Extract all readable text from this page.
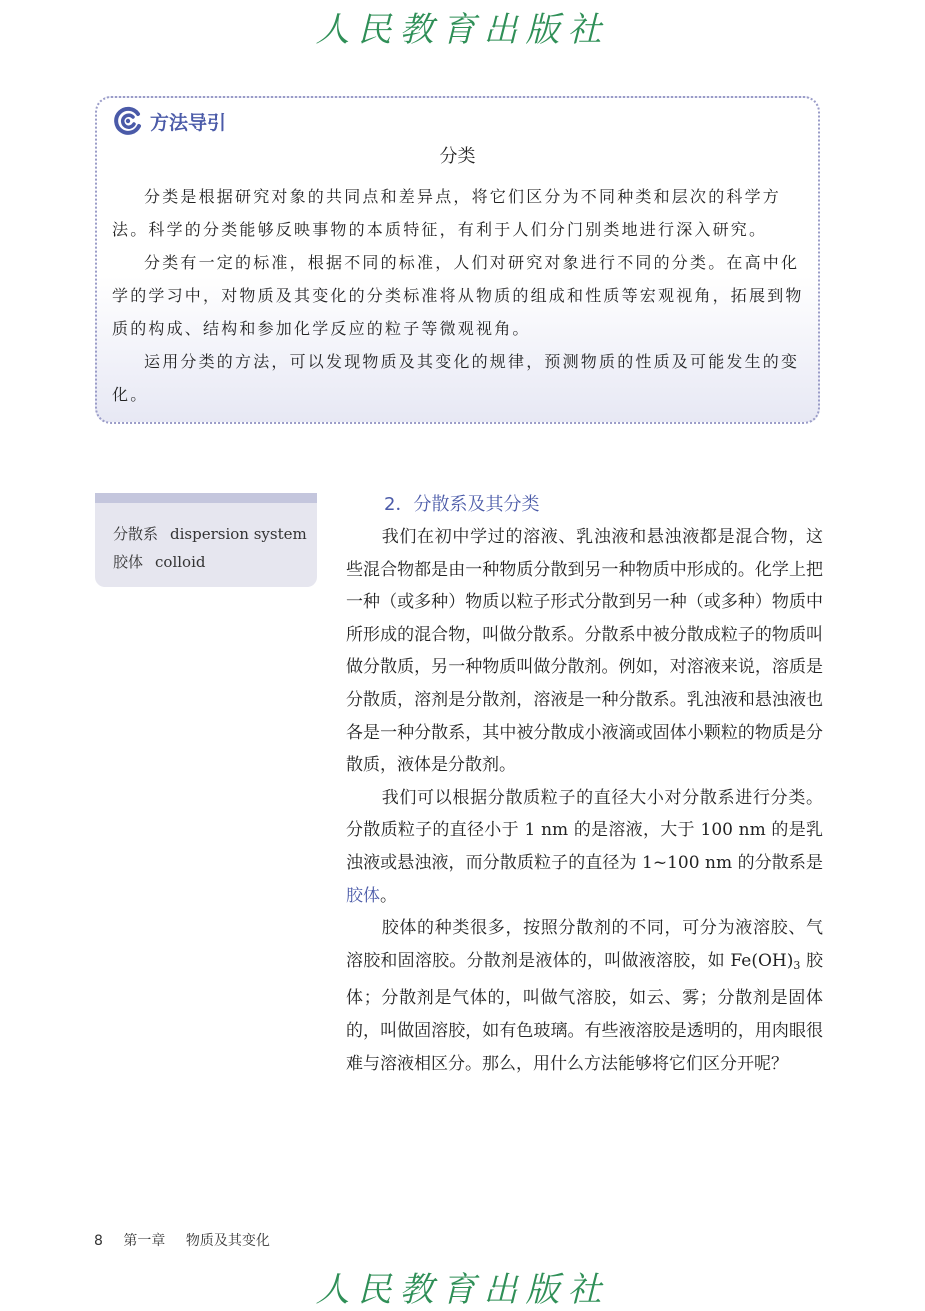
人民教育出版社
方法导引
分类

分类是根据研究对象的共同点和差异点，将它们区分为不同种类和层次的科学方法。科学的分类能够反映事物的本质特征，有利于人们分门别类地进行深入研究。

分类有一定的标准，根据不同的标准，人们对研究对象进行不同的分类。在高中化学的学习中，对物质及其变化的分类标准将从物质的组成和性质等宏观视角，拓展到物质的构成、结构和参加化学反应的粒子等微观视角。

运用分类的方法，可以发现物质及其变化的规律，预测物质的性质及可能发生的变化。

分散系 dispersion system
胶体 colloid
2．分散系及其分类

我们在初中学过的溶液、乳浊液和悬浊液都是混合物，这些混合物都是由一种物质分散到另一种物质中形成的。化学上把一种（或多种）物质以粒子形式分散到另一种（或多种）物质中所形成的混合物，叫做分散系。分散系中被分散成粒子的物质叫做分散质，另一种物质叫做分散剂。例如，对溶液来说，溶质是分散质，溶剂是分散剂，溶液是一种分散系。乳浊液和悬浊液也各是一种分散系，其中被分散成小液滴或固体小颗粒的物质是分散质，液体是分散剂。

我们可以根据分散质粒子的直径大小对分散系进行分类。分散质粒子的直径小于 1 nm 的是溶液，大于 100 nm 的是乳浊液或悬浊液，而分散质粒子的直径为 1~100 nm 的分散系是胶体。

胶体的种类很多，按照分散剂的不同，可分为液溶胶、气溶胶和固溶胶。分散剂是液体的，叫做液溶胶，如 $Fe(OH)_3$ 胶体；分散剂是气体的，叫做气溶胶，如云、雾；分散剂是固体的，叫做固溶胶，如有色玻璃。有些液溶胶是透明的，用肉眼很难与溶液相区分。那么，用什么方法能够将它们区分开呢？

8 第一章 物质及其变化
人民教育出版社
